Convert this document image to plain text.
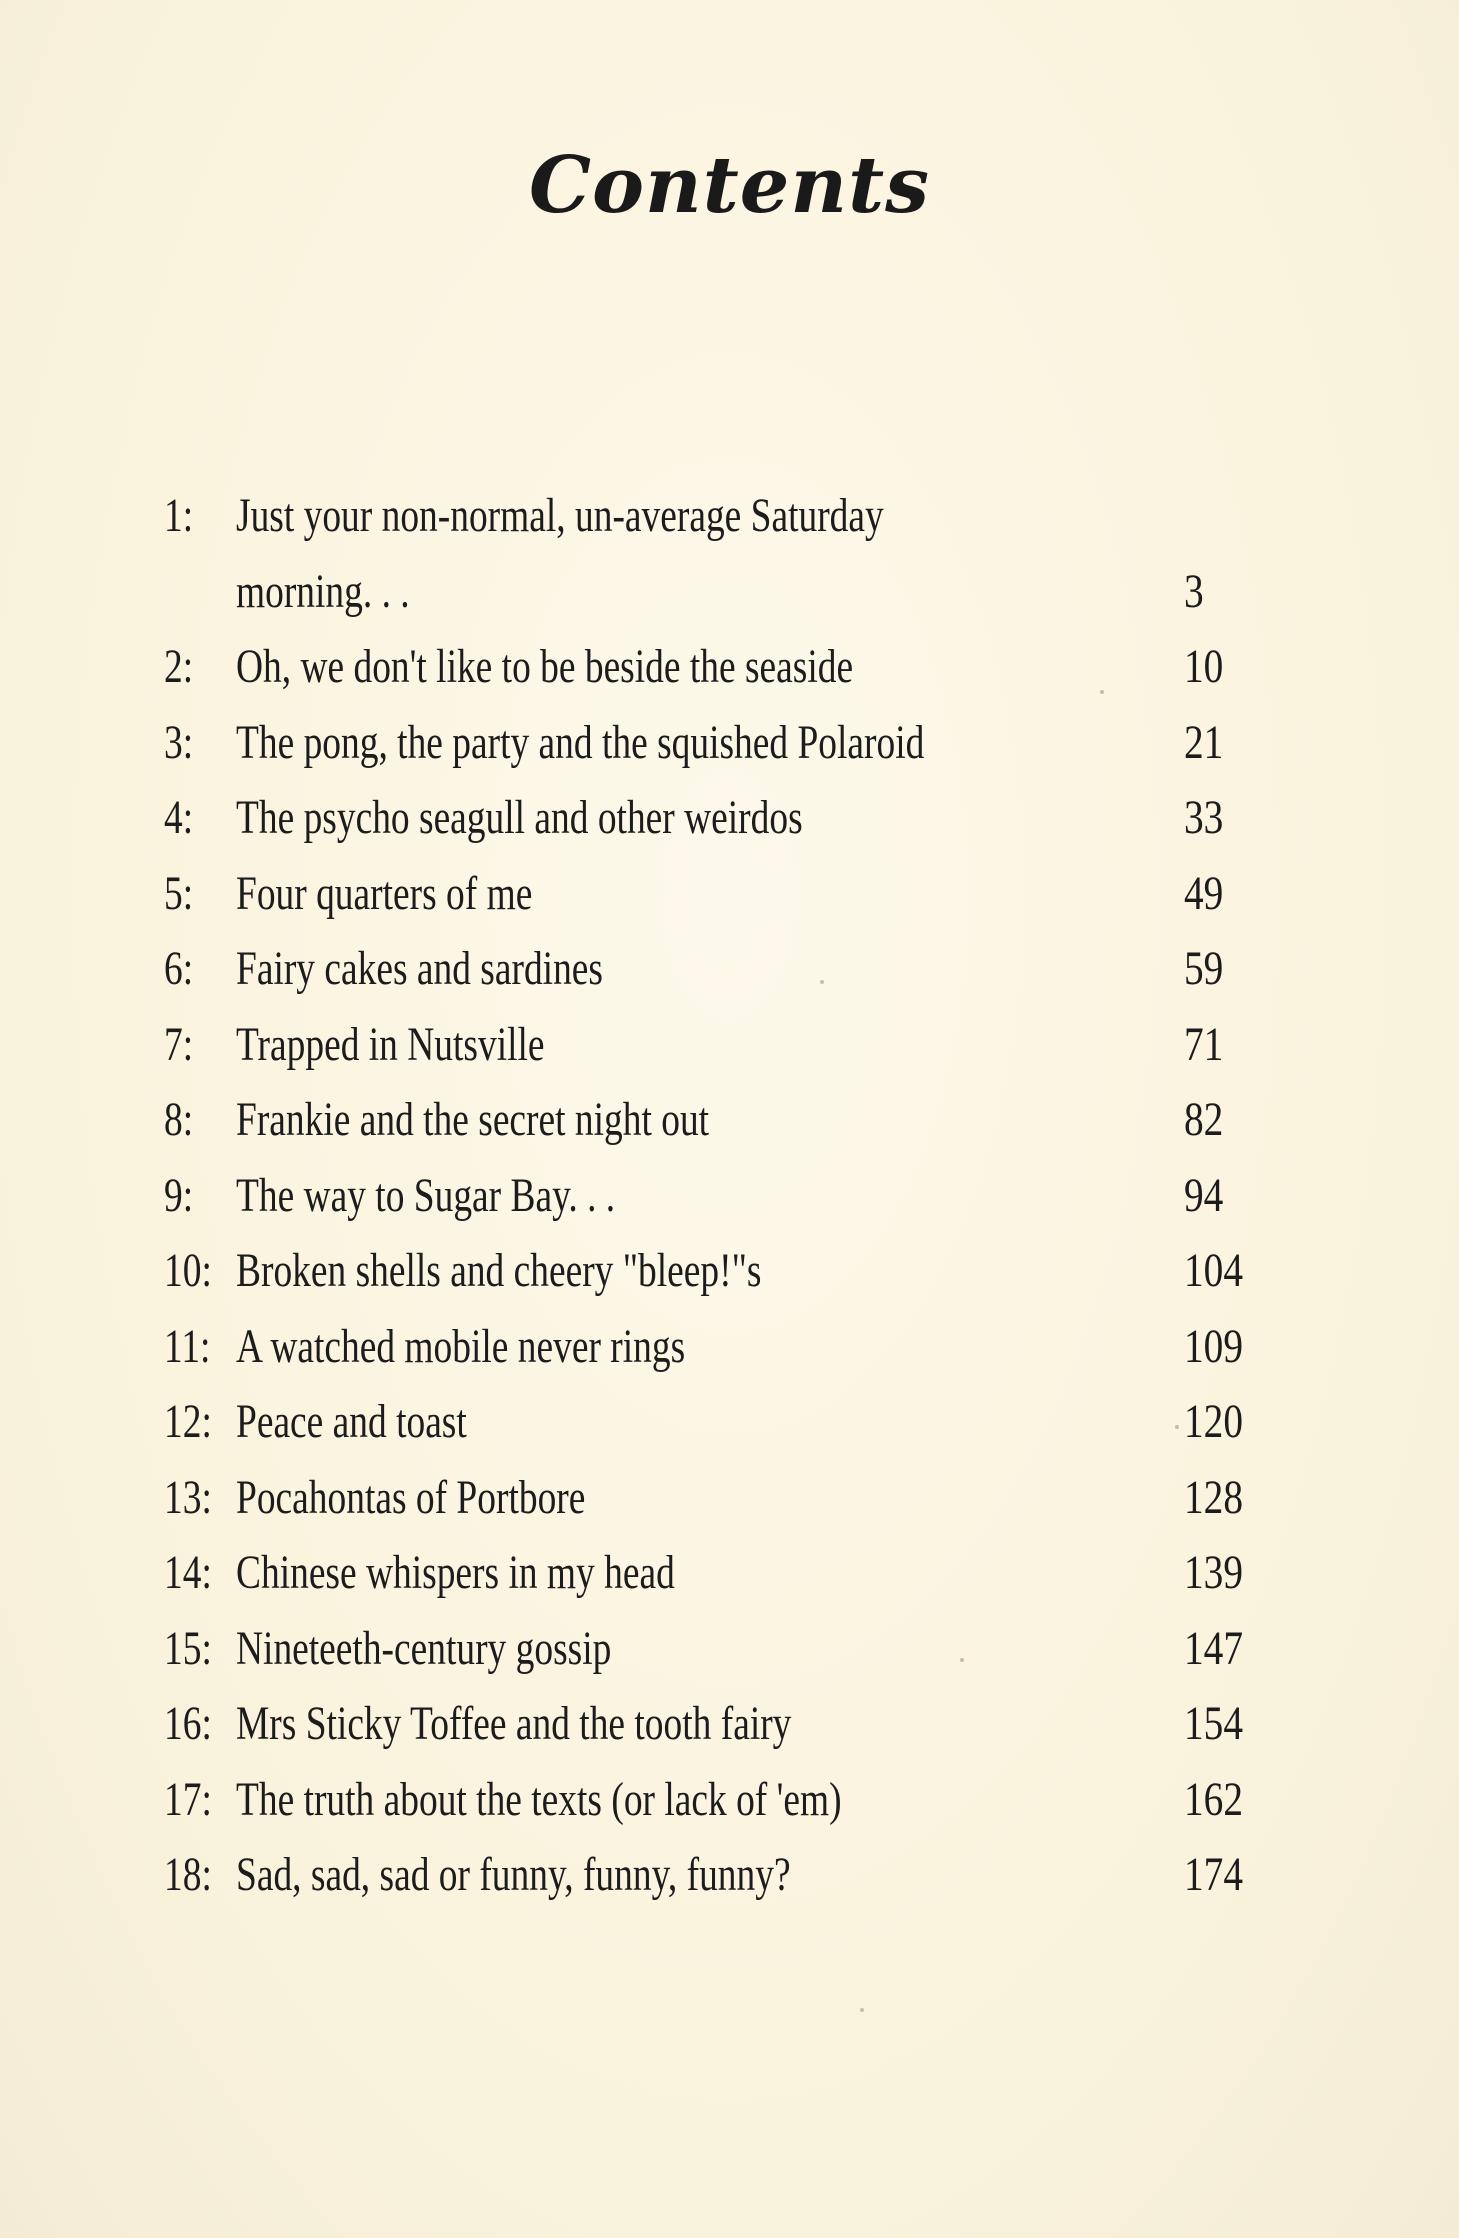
Contents
1: Just your non-normal, un-average Saturday morning. . .	3
2: Oh, we don't like to be beside the seaside	10
3: The pong, the party and the squished Polaroid	21
4: The psycho seagull and other weirdos	33
5: Four quarters of me	49
6: Fairy cakes and sardines	59
7: Trapped in Nutsville	71
8: Frankie and the secret night out	82
9: The way to Sugar Bay. . .	94
10: Broken shells and cheery "bleep!"s	104
11: A watched mobile never rings	109
12: Peace and toast	120
13: Pocahontas of Portbore	128
14: Chinese whispers in my head	139
15: Nineteeth-century gossip	147
16: Mrs Sticky Toffee and the tooth fairy	154
17: The truth about the texts (or lack of 'em)	162
18: Sad, sad, sad or funny, funny, funny?	174
